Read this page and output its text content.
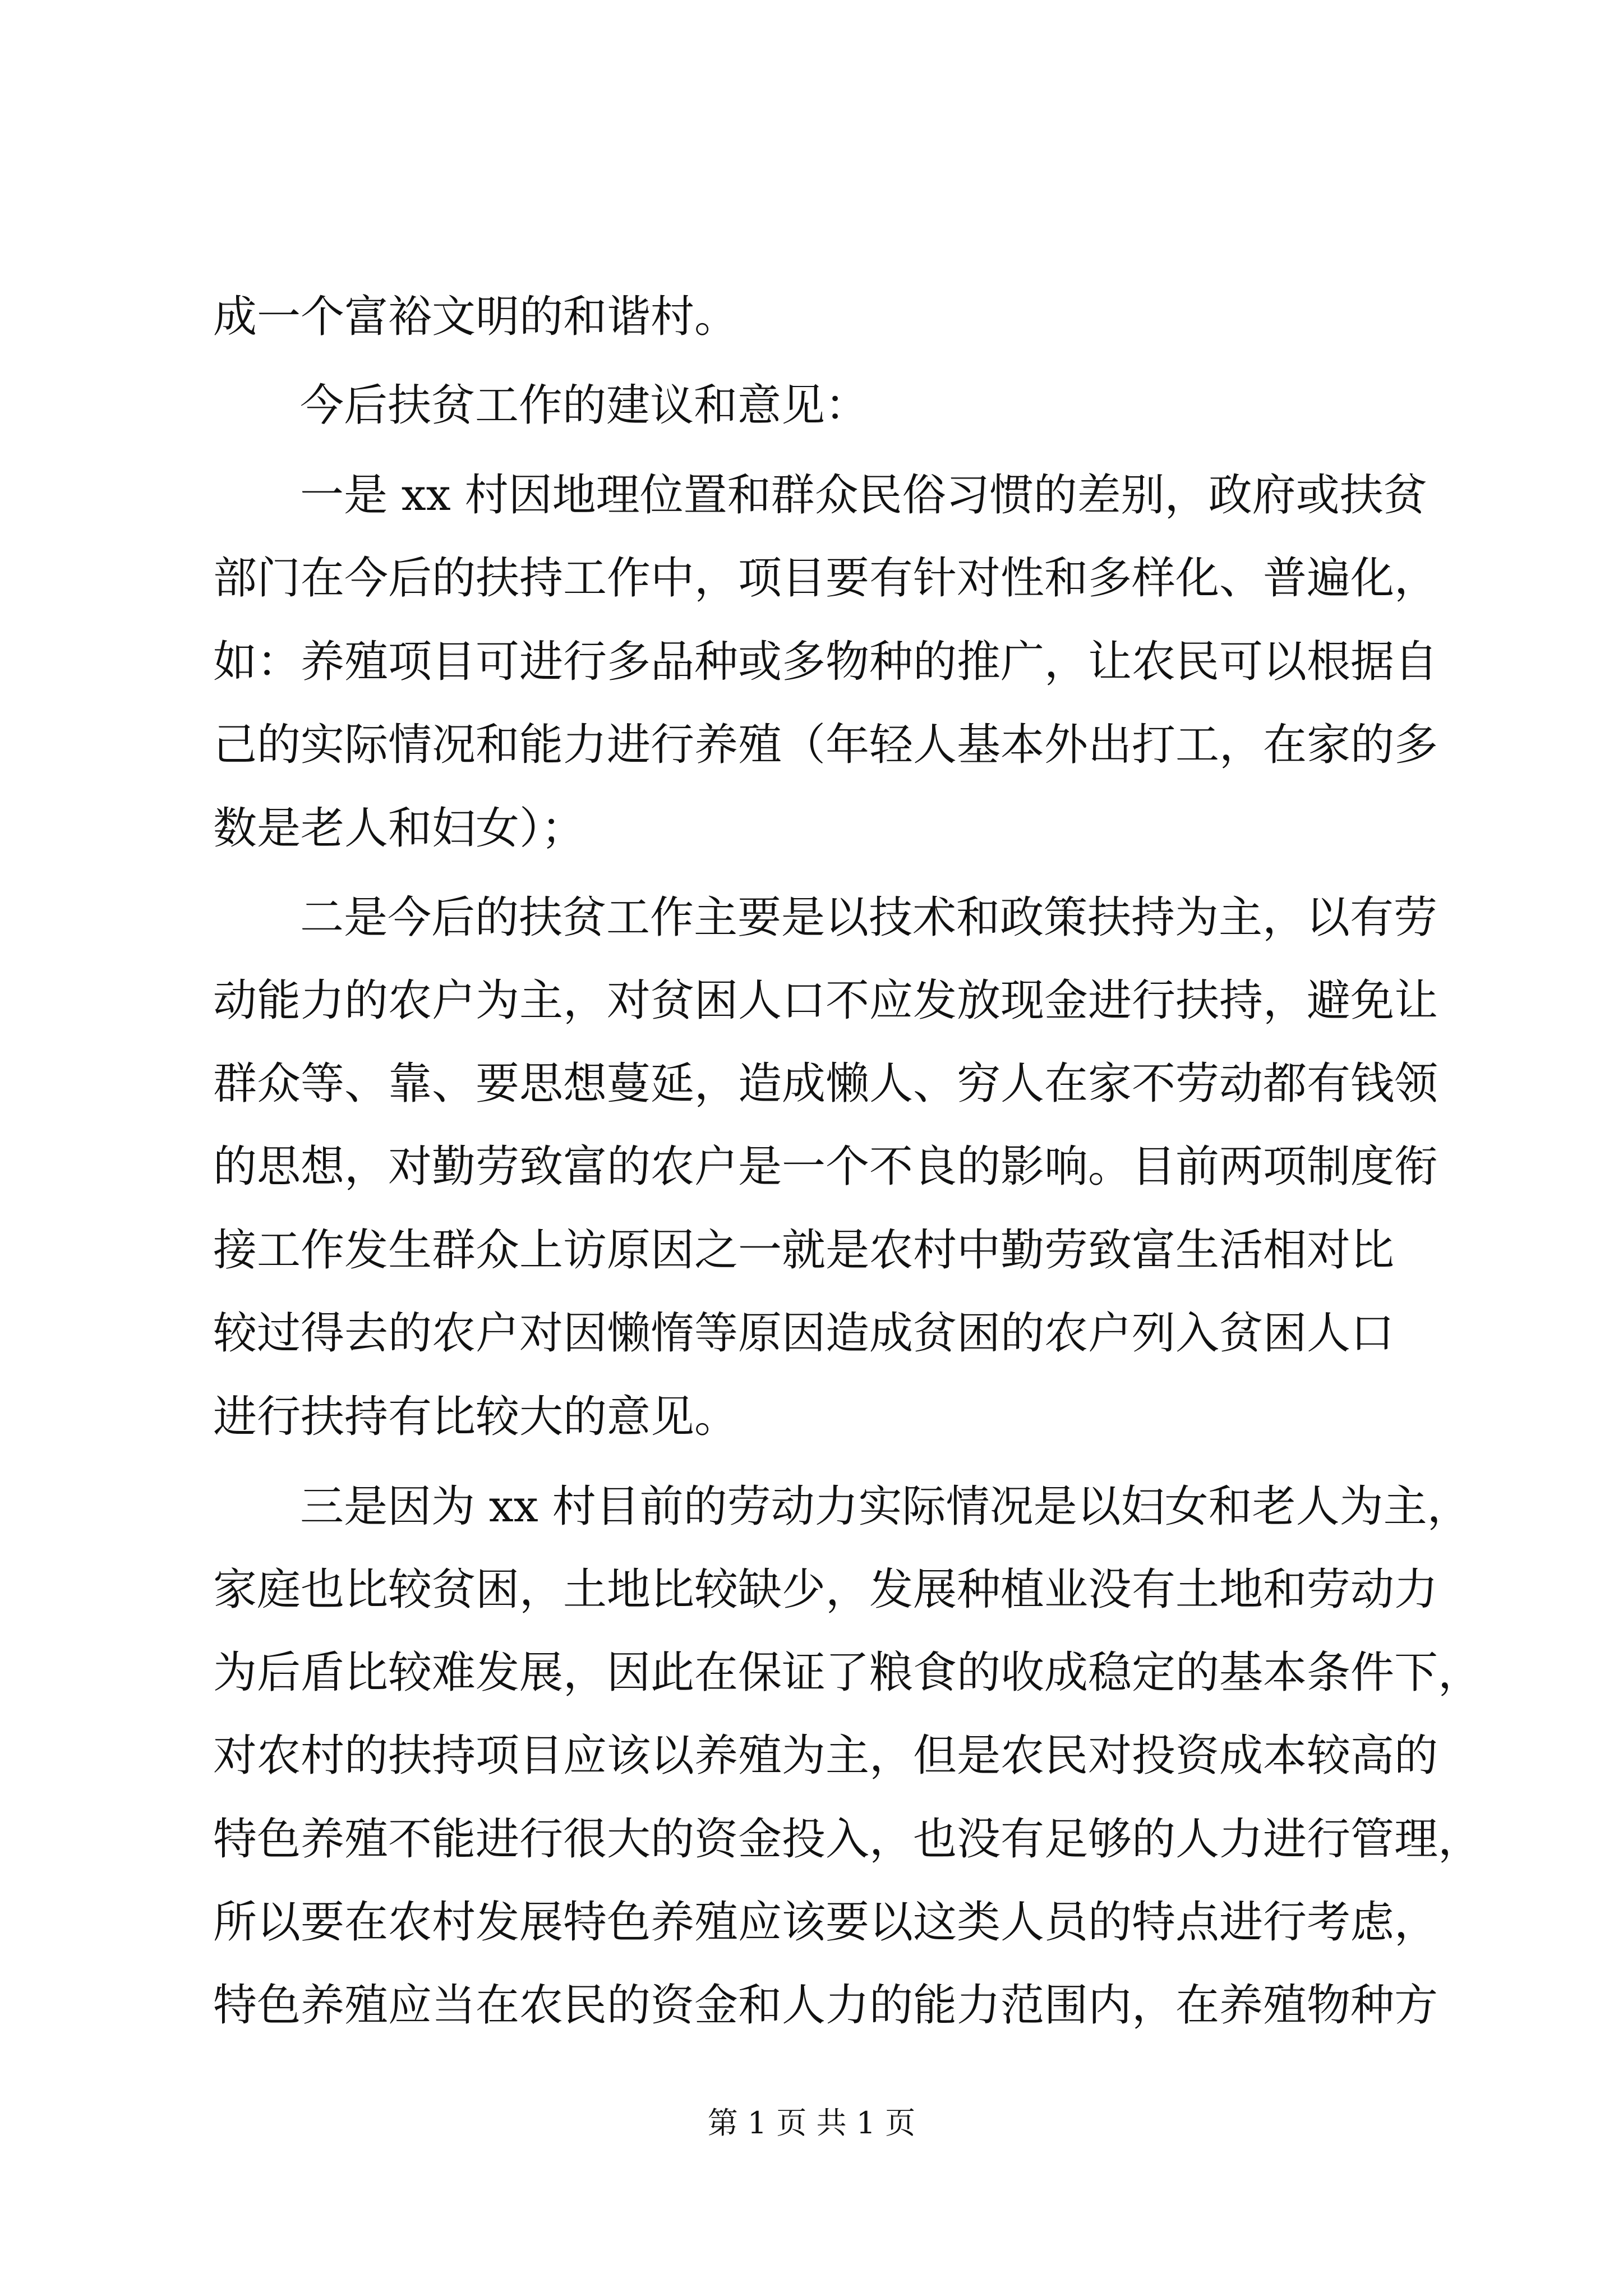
成一个富裕文明的和谐村。
今后扶贫工作的建议和意见：
一是 xx 村因地理位置和群众民俗习惯的差别，政府或扶贫
部门在今后的扶持工作中，项目要有针对性和多样化、普遍化，
如：养殖项目可进行多品种或多物种的推广，让农民可以根据自
己的实际情况和能力进行养殖（年轻人基本外出打工，在家的多
数是老人和妇女）；
二是今后的扶贫工作主要是以技术和政策扶持为主，以有劳
动能力的农户为主，对贫困人口不应发放现金进行扶持，避免让
群众等、靠、要思想蔓延，造成懒人、穷人在家不劳动都有钱领
的思想，对勤劳致富的农户是一个不良的影响。目前两项制度衔
接工作发生群众上访原因之一就是农村中勤劳致富生活相对比
较过得去的农户对因懒惰等原因造成贫困的农户列入贫困人口
进行扶持有比较大的意见。
三是因为 xx 村目前的劳动力实际情况是以妇女和老人为主，
家庭也比较贫困，土地比较缺少，发展种植业没有土地和劳动力
为后盾比较难发展，因此在保证了粮食的收成稳定的基本条件下，
对农村的扶持项目应该以养殖为主，但是农民对投资成本较高的
特色养殖不能进行很大的资金投入，也没有足够的人力进行管理，
所以要在农村发展特色养殖应该要以这类人员的特点进行考虑，
特色养殖应当在农民的资金和人力的能力范围内，在养殖物种方
第 1 页 共 1 页
